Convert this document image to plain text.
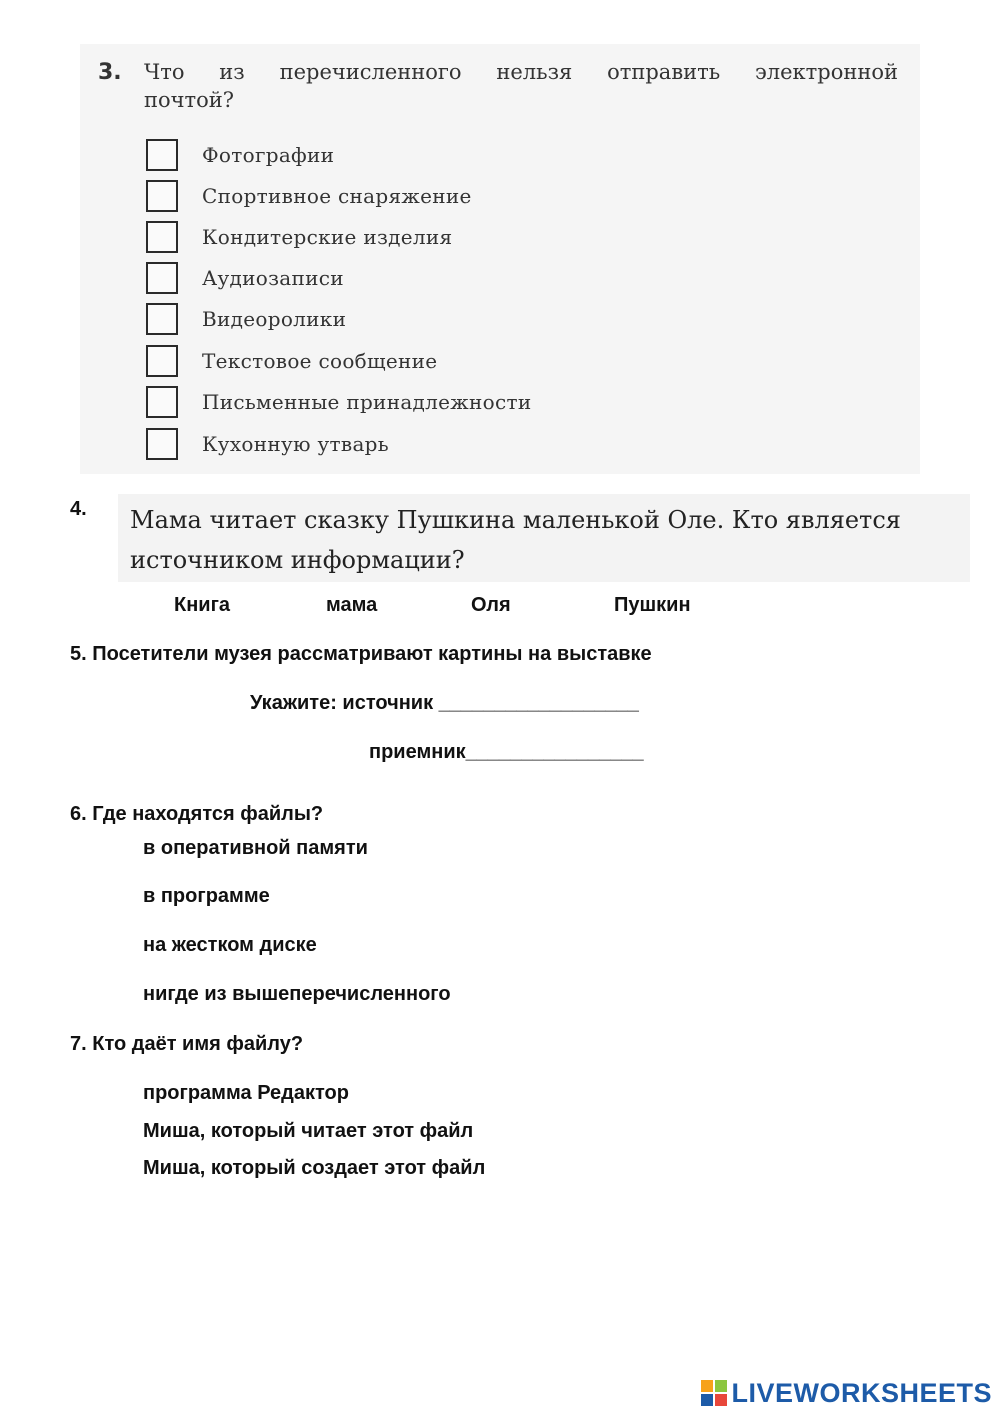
3. Что из перечисленного нельзя отправить электронной
почтой?
Фотографии
Спортивное снаряжение
Кондитерские изделия
Аудиозаписи
Видеоролики
Текстовое сообщение
Письменные принадлежности
Кухонную утварь
4. Мама читает сказку Пушкина маленькой Оле. Кто является
источником информации?
Книга	мама	Оля	Пушкин
5. Посетители музея рассматривают картины на выставке
Укажите: источник __________________
приемник________________
6. Где находятся файлы?
в оперативной памяти
в программе
на жестком диске
нигде из вышеперечисленного
7. Кто даёт имя файлу?
программа Редактор
Миша, который читает этот файл
Миша, который создает этот файл
LIVEWORKSHEETS
